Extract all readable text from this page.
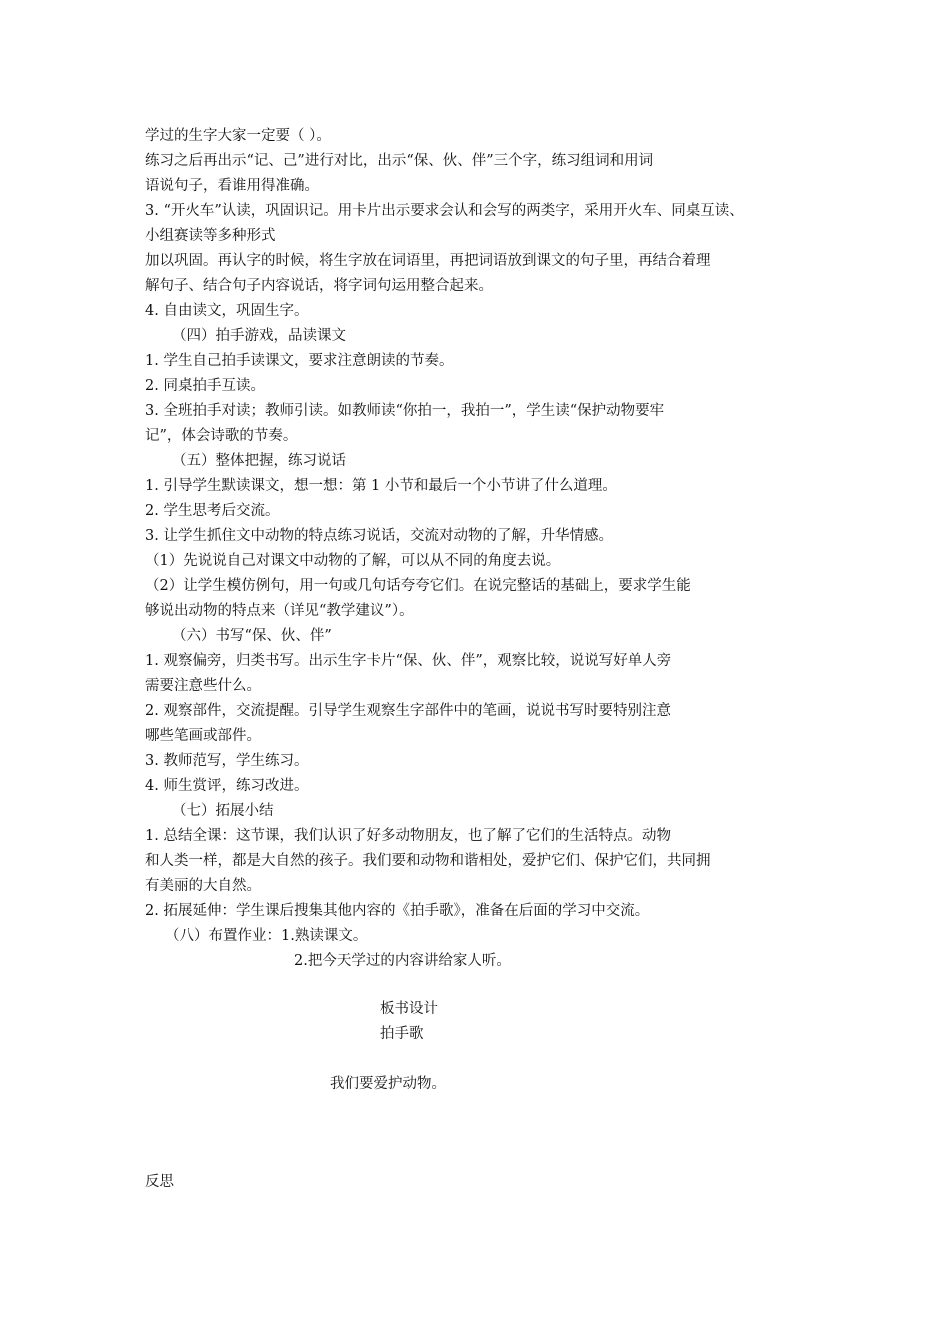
学过的生字大家一定要（ ）。
练习之后再出示“记、己”进行对比，出示“保、伙、伴”三个字，练习组词和用词
语说句子，看谁用得准确。
3. “开火车”认读，巩固识记。用卡片出示要求会认和会写的两类字，采用开火车、同桌互读、
小组赛读等多种形式
加以巩固。再认字的时候，将生字放在词语里，再把词语放到课文的句子里，再结合着理
解句子、结合句子内容说话，将字词句运用整合起来。
4. 自由读文，巩固生字。
（四）拍手游戏，品读课文
1. 学生自己拍手读课文，要求注意朗读的节奏。
2. 同桌拍手互读。
3. 全班拍手对读；教师引读。如教师读“你拍一，我拍一”，学生读“保护动物要牢
记”，体会诗歌的节奏。
（五）整体把握，练习说话
1. 引导学生默读课文，想一想：第 1 小节和最后一个小节讲了什么道理。
2. 学生思考后交流。
3. 让学生抓住文中动物的特点练习说话，交流对动物的了解，升华情感。
（1）先说说自己对课文中动物的了解，可以从不同的角度去说。
（2）让学生模仿例句，用一句或几句话夸夸它们。在说完整话的基础上，要求学生能
够说出动物的特点来（详见“教学建议”）。
（六）书写“保、伙、伴”
1. 观察偏旁，归类书写。出示生字卡片“保、伙、伴”，观察比较，说说写好单人旁
需要注意些什么。
2. 观察部件，交流提醒。引导学生观察生字部件中的笔画，说说书写时要特别注意
哪些笔画或部件。
3. 教师范写，学生练习。
4. 师生赏评，练习改进。
（七）拓展小结
1. 总结全课：这节课，我们认识了好多动物朋友，也了解了它们的生活特点。动物
和人类一样，都是大自然的孩子。我们要和动物和谐相处，爱护它们、保护它们，共同拥
有美丽的大自然。
2. 拓展延伸：学生课后搜集其他内容的《拍手歌》，准备在后面的学习中交流。
（八）布置作业：1.熟读课文。
2.把今天学过的内容讲给家人听。
板书设计
拍手歌
我们要爱护动物。
反思
